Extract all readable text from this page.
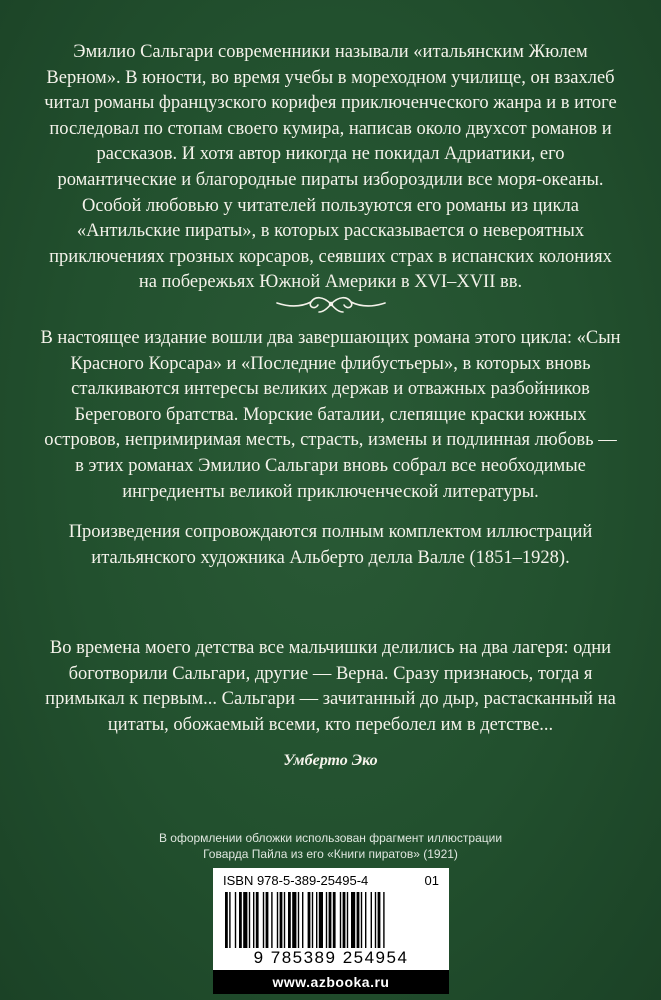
Эмилио Сальгари современники называли «итальянским Жюлем Верном». В юности, во время учебы в мореходном училище, он взахлеб читал романы французского корифея приключенческого жанра и в итоге последовал по стопам своего кумира, написав около двухсот романов и рассказов. И хотя автор никогда не покидал Адриатики, его романтические и благородные пираты избороздили все моря-океаны. Особой любовью у читателей пользуются его романы из цикла «Антильские пираты», в которых рассказывается о невероятных приключениях грозных корсаров, сеявших страх в испанских колониях на побережьях Южной Америки в XVI–XVII вв.

В настоящее издание вошли два завершающих романа этого цикла: «Сын Красного Корсара» и «Последние флибустьеры», в которых вновь сталкиваются интересы великих держав и отважных разбойников Берегового братства. Морские баталии, слепящие краски южных островов, непримиримая месть, страсть, измены и подлинная любовь — в этих романах Эмилио Сальгари вновь собрал все необходимые ингредиенты великой приключенческой литературы.

Произведения сопровождаются полным комплектом иллюстраций итальянского художника Альберто делла Валле (1851–1928).

Во времена моего детства все мальчишки делились на два лагеря: одни боготворили Сальгари, другие — Верна. Сразу признаюсь, тогда я примыкал к первым... Сальгари — зачитанный до дыр, растасканный на цитаты, обожаемый всеми, кто переболел им в детстве...

Умберто Эко
В оформлении обложки использован фрагмент иллюстрации
Говарда Пайла из его «Книги пиратов» (1921)
ISBN 978-5-389-25495-4	01
9 785389 254954
www.azbooka.ru
